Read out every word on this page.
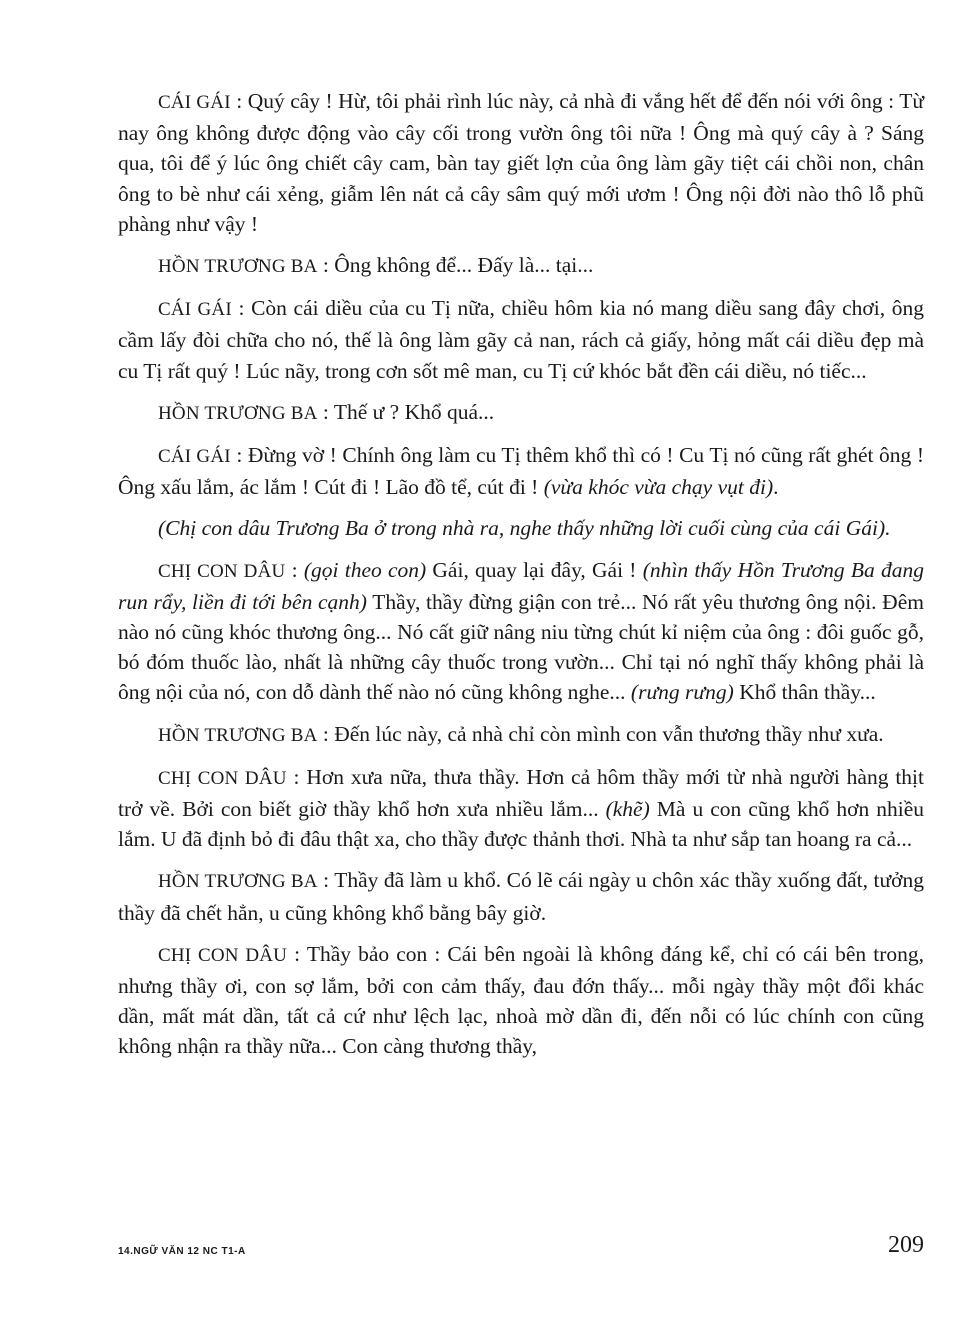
CÁI GÁI : Quý cây ! Hừ, tôi phải rình lúc này, cả nhà đi vắng hết để đến nói với ông : Từ nay ông không được động vào cây cối trong vườn ông tôi nữa ! Ông mà quý cây à ? Sáng qua, tôi để ý lúc ông chiết cây cam, bàn tay giết lợn của ông làm gãy tiệt cái chồi non, chân ông to bè như cái xẻng, giẫm lên nát cả cây sâm quý mới ươm ! Ông nội đời nào thô lỗ phũ phàng như vậy !

HỒN TRƯƠNG BA : Ông không để... Đấy là... tại...

CÁI GÁI : Còn cái diều của cu Tị nữa, chiều hôm kia nó mang diều sang đây chơi, ông cầm lấy đòi chữa cho nó, thế là ông làm gãy cả nan, rách cả giấy, hỏng mất cái diều đẹp mà cu Tị rất quý ! Lúc nãy, trong cơn sốt mê man, cu Tị cứ khóc bắt đền cái diều, nó tiếc...

HỒN TRƯƠNG BA : Thế ư ? Khổ quá...

CÁI GÁI : Đừng vờ ! Chính ông làm cu Tị thêm khổ thì có ! Cu Tị nó cũng rất ghét ông ! Ông xấu lắm, ác lắm ! Cút đi ! Lão đồ tể, cút đi ! (vừa khóc vừa chạy vụt đi).

(Chị con dâu Trương Ba ở trong nhà ra, nghe thấy những lời cuối cùng của cái Gái).

CHỊ CON DÂU : (gọi theo con) Gái, quay lại đây, Gái ! (nhìn thấy Hồn Trương Ba đang run rẩy, liền đi tới bên cạnh) Thầy, thầy đừng giận con trẻ... Nó rất yêu thương ông nội. Đêm nào nó cũng khóc thương ông... Nó cất giữ nâng niu từng chút kỉ niệm của ông : đôi guốc gỗ, bó đóm thuốc lào, nhất là những cây thuốc trong vườn... Chỉ tại nó nghĩ thấy không phải là ông nội của nó, con dỗ dành thế nào nó cũng không nghe... (rưng rưng) Khổ thân thầy...

HỒN TRƯƠNG BA : Đến lúc này, cả nhà chỉ còn mình con vẫn thương thầy như xưa.

CHỊ CON DÂU : Hơn xưa nữa, thưa thầy. Hơn cả hôm thầy mới từ nhà người hàng thịt trở về. Bởi con biết giờ thầy khổ hơn xưa nhiều lắm... (khẽ) Mà u con cũng khổ hơn nhiều lắm. U đã định bỏ đi đâu thật xa, cho thầy được thảnh thơi. Nhà ta như sắp tan hoang ra cả...

HỒN TRƯƠNG BA : Thầy đã làm u khổ. Có lẽ cái ngày u chôn xác thầy xuống đất, tưởng thầy đã chết hẳn, u cũng không khổ bằng bây giờ.

CHỊ CON DÂU : Thầy bảo con : Cái bên ngoài là không đáng kể, chỉ có cái bên trong, nhưng thầy ơi, con sợ lắm, bởi con cảm thấy, đau đớn thấy... mỗi ngày thầy một đổi khác dần, mất mát dần, tất cả cứ như lệch lạc, nhoà mờ dần đi, đến nỗi có lúc chính con cũng không nhận ra thầy nữa... Con càng thương thầy,

14.NGỮ VĂN 12 NC T1-A	209
